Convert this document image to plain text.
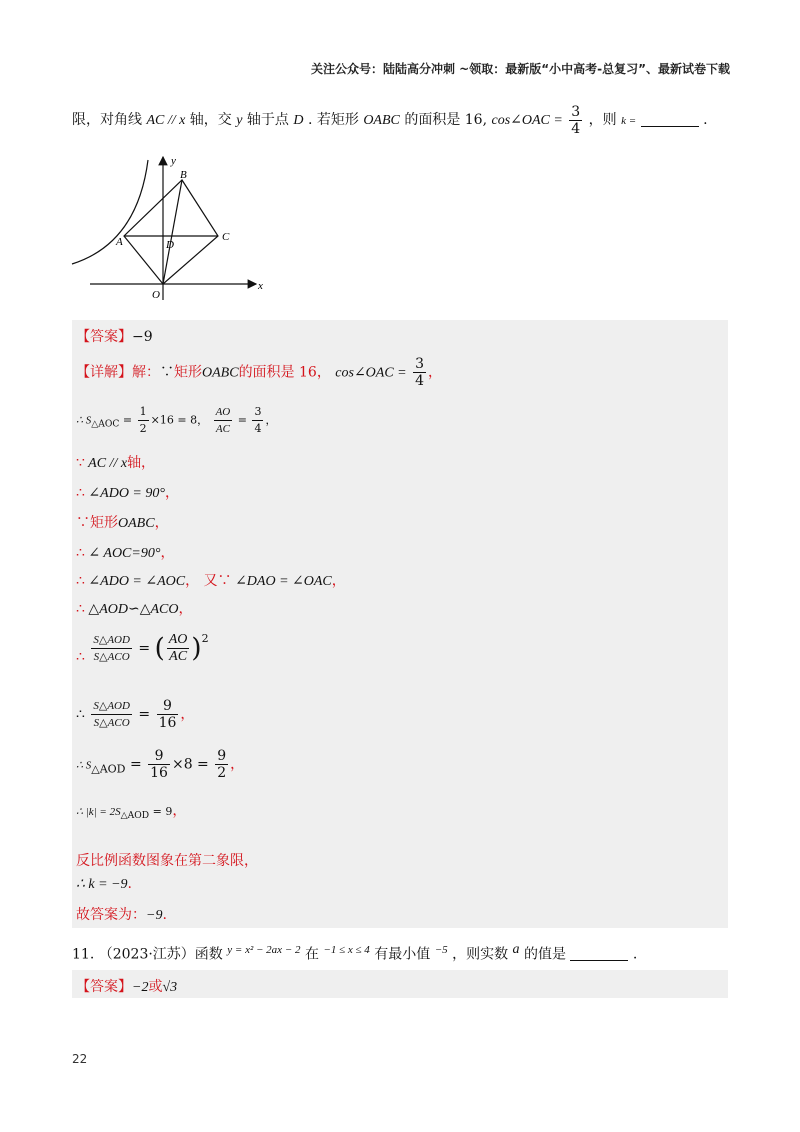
关注公众号：陆陆高分冲刺 ~领取：最新版“小中高考-总复习”、最新试卷下载
限，对角线 AC // x 轴，交 y 轴于点 D . 若矩形 OABC 的面积是 16, cos∠OAC = $\frac{3}{4}$ ，则 k =	.
y
B
C
A	D
O
x
【答案】−9
【详解】解：∵矩形OABC的面积是 16， cos∠OAC = $\frac{3}{4}$ ，
∴ $S_{\triangle AOC} = \frac{1}{2} \times 16 = 8$， $\frac{AO}{AC} = \frac{3}{4}$ ，
∵ AC // x轴，
∴ ∠ADO = 90°，
∵矩形OABC，
∴ ∠ AOC=90°，
∴ ∠ADO = ∠AOC， 又∵ ∠DAO = ∠OAC，
∴ △AOD∽△ACO，
∴ $\frac{\text{S△AOD}}{\text{S△ACO}}$ = ( $\frac{AO}{AC} )^2$
∴ $\frac{\text{S△AOD}}{\text{S△ACO}} = \frac{9}{16}$ ，
∴ $S_{\triangle AOD} = \frac{9}{16} \times 8 = \frac{9}{2}$ ，
∴ $|k| = 2S_{\triangle AOD} = 9$，
反比例函数图象在第二象限，
∴ k = −9.
故答案为：−9.
11. （2023·江苏）函数 $^{y = x^2 - 2ax - 2}$ 在 $^{-1 \le x \le 4}$ 有最小值 $^{-5}$ ，则实数 a 的值是	.
【答案】−2或√3
22
